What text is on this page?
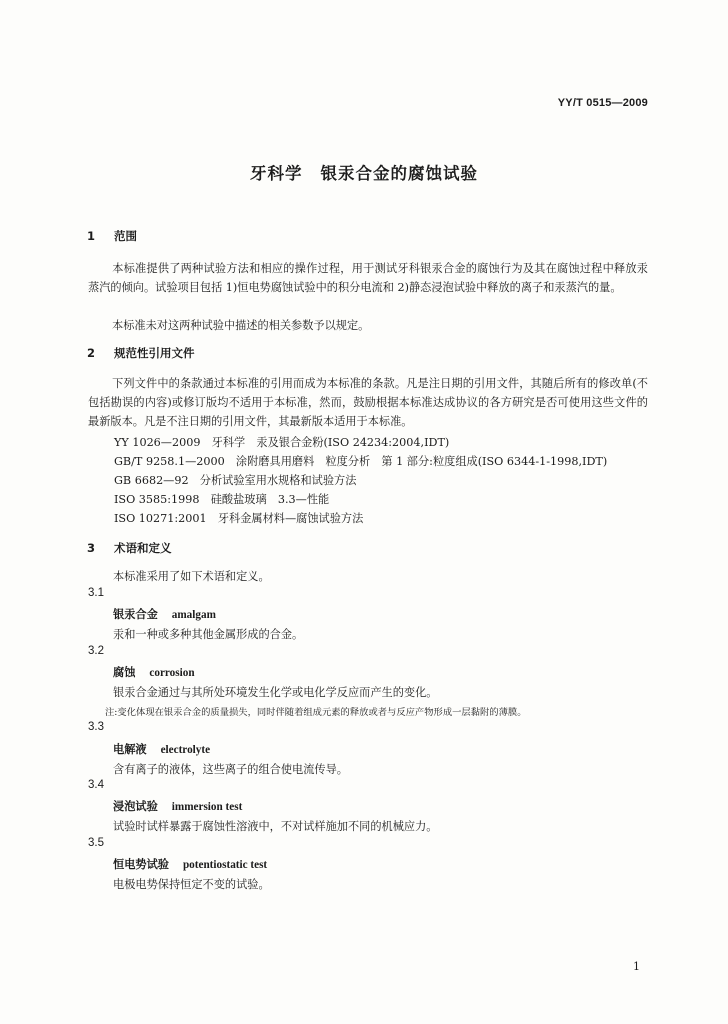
YY/T 0515—2009
牙科学 银汞合金的腐蚀试验
1 范围
本标准提供了两种试验方法和相应的操作过程，用于测试牙科银汞合金的腐蚀行为及其在腐蚀过程中释放汞蒸汽的倾向。试验项目包括 1)恒电势腐蚀试验中的积分电流和 2)静态浸泡试验中释放的离子和汞蒸汽的量。
本标准未对这两种试验中描述的相关参数予以规定。
2 规范性引用文件
下列文件中的条款通过本标准的引用而成为本标准的条款。凡是注日期的引用文件，其随后所有的修改单(不包括勘误的内容)或修订版均不适用于本标准，然而，鼓励根据本标准达成协议的各方研究是否可使用这些文件的最新版本。凡是不注日期的引用文件，其最新版本适用于本标准。
YY 1026—2009　牙科学　汞及银合金粉(ISO 24234:2004,IDT)
GB/T 9258.1—2000　涂附磨具用磨料　粒度分析　第 1 部分:粒度组成(ISO 6344-1-1998,IDT)
GB 6682—92　分析试验室用水规格和试验方法
ISO 3585:1998　硅酸盐玻璃　3.3—性能
ISO 10271:2001　牙科金属材料—腐蚀试验方法
3 术语和定义
本标准采用了如下术语和定义。
3.1
银汞合金 amalgam
汞和一种或多种其他金属形成的合金。
3.2
腐蚀 corrosion
银汞合金通过与其所处环境发生化学或电化学反应而产生的变化。
注:变化体现在银汞合金的质量损失，同时伴随着组成元素的释放或者与反应产物形成一层黏附的薄膜。
3.3
电解液 electrolyte
含有离子的液体，这些离子的组合使电流传导。
3.4
浸泡试验 immersion test
试验时试样暴露于腐蚀性溶液中，不对试样施加不同的机械应力。
3.5
恒电势试验 potentiostatic test
电极电势保持恒定不变的试验。
1
